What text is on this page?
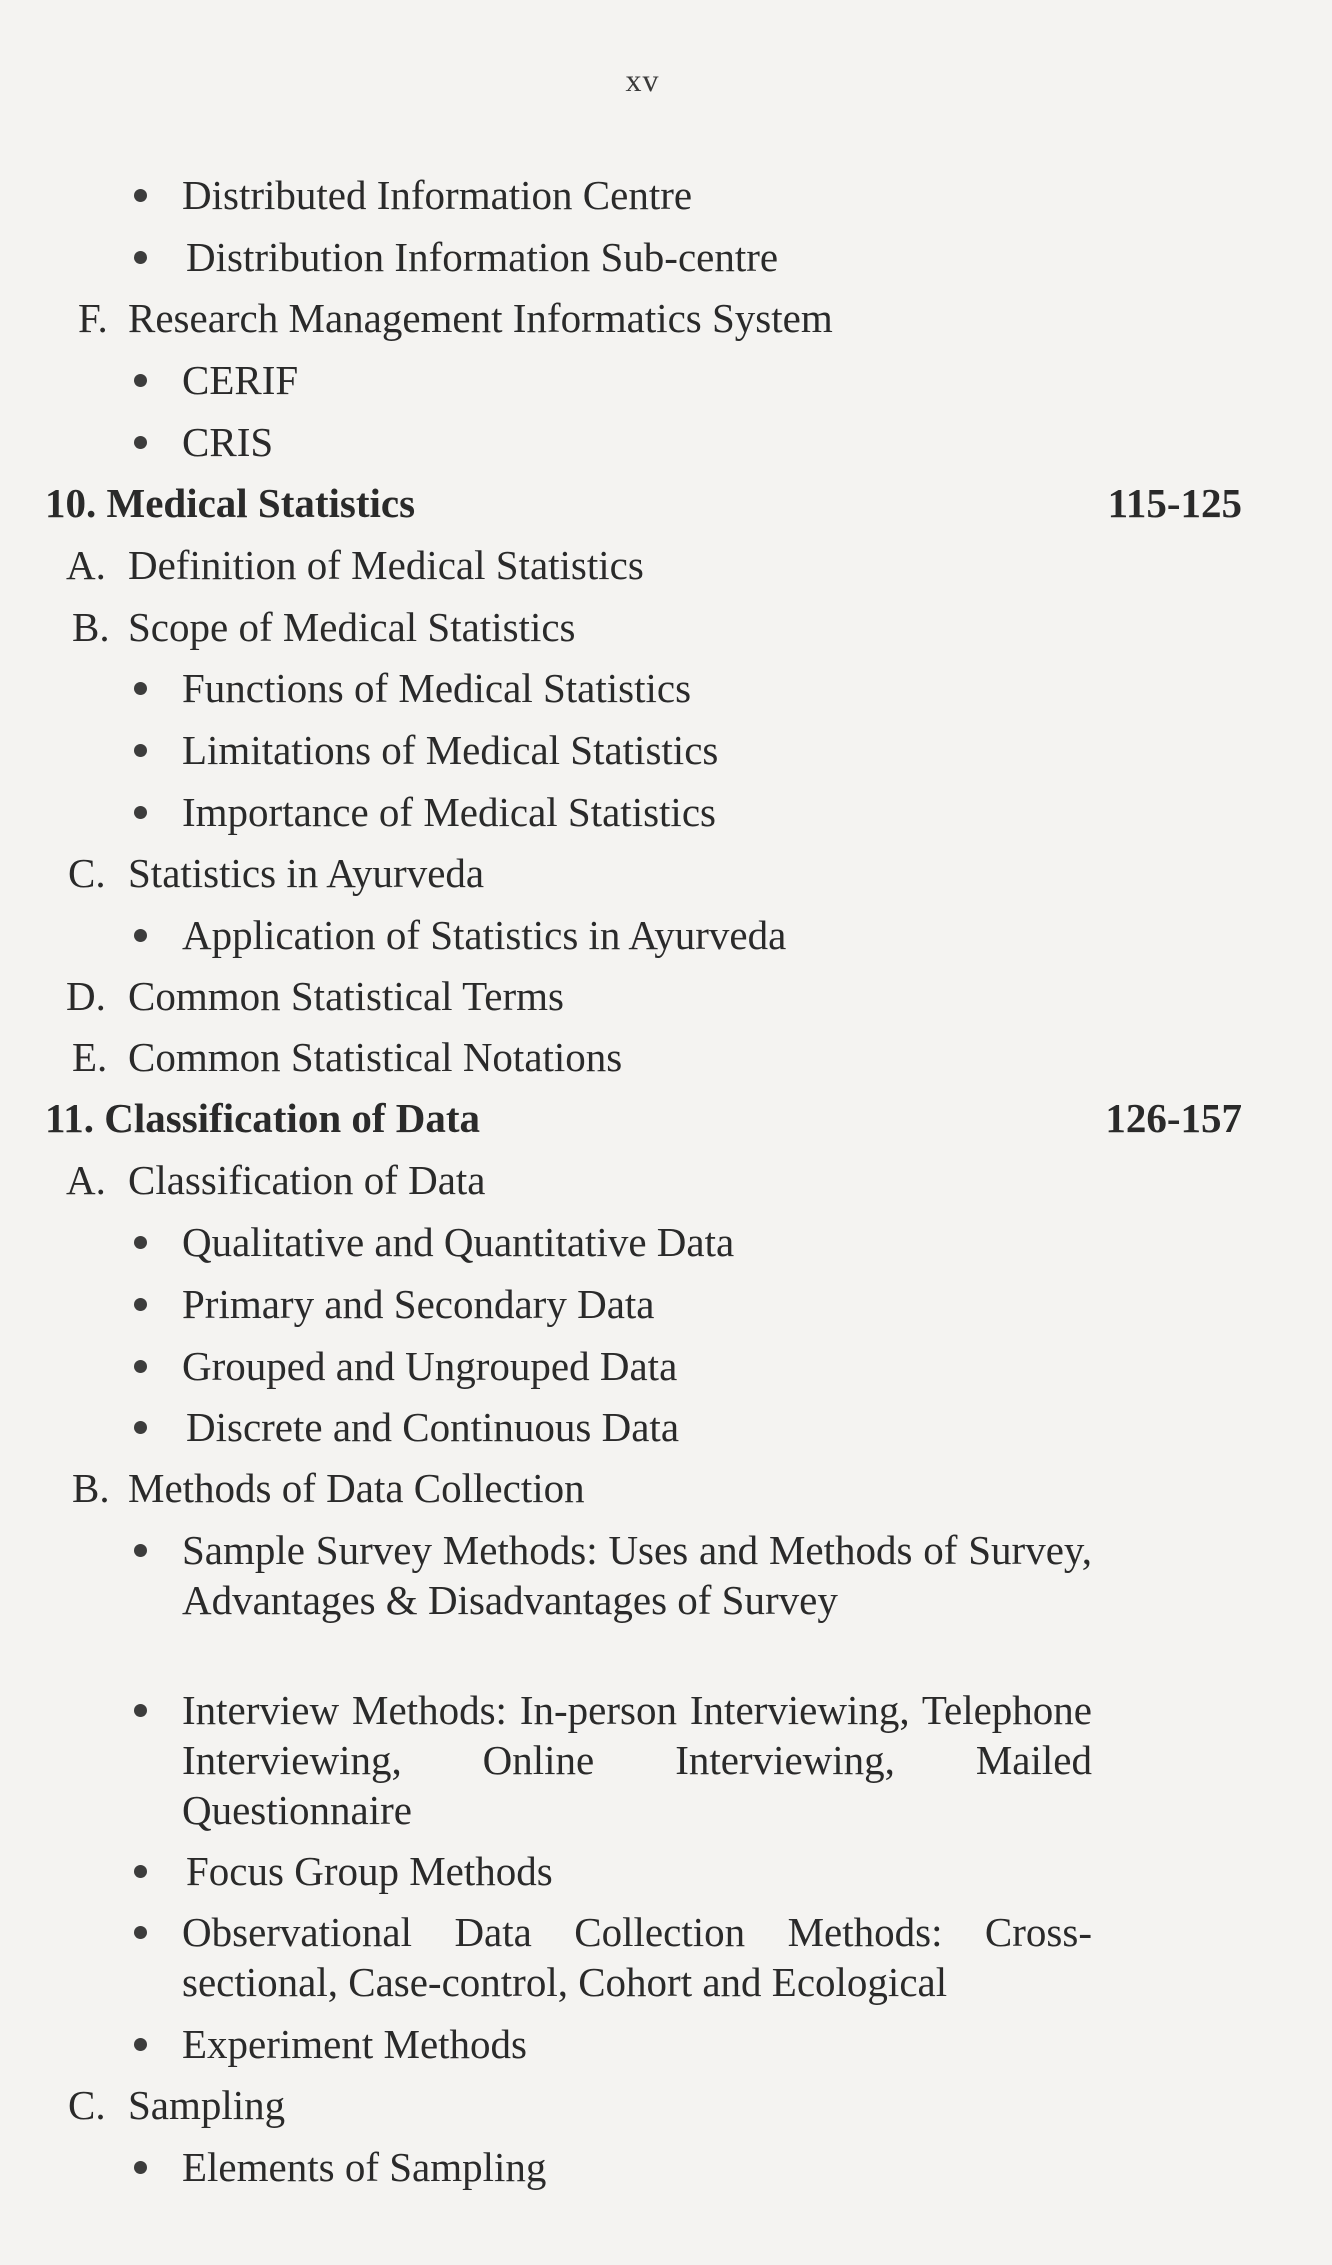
xv
Distributed Information Centre
Distribution Information Sub-centre
F. Research Management Informatics System
CERIF
CRIS
10. Medical Statistics	115-125
A. Definition of Medical Statistics
B. Scope of Medical Statistics
Functions of Medical Statistics
Limitations of Medical Statistics
Importance of Medical Statistics
C. Statistics in Ayurveda
Application of Statistics in Ayurveda
D. Common Statistical Terms
E. Common Statistical Notations
11. Classification of Data	126-157
A. Classification of Data
Qualitative and Quantitative Data
Primary and Secondary Data
Grouped and Ungrouped Data
Discrete and Continuous Data
B. Methods of Data Collection
Sample Survey Methods: Uses and Methods of Survey, Advantages & Disadvantages of Survey
Interview Methods: In-person Interviewing, Telephone Interviewing, Online Interviewing, Mailed Questionnaire
Focus Group Methods
Observational Data Collection Methods: Cross-sectional, Case-control, Cohort and Ecological
Experiment Methods
C. Sampling
Elements of Sampling
